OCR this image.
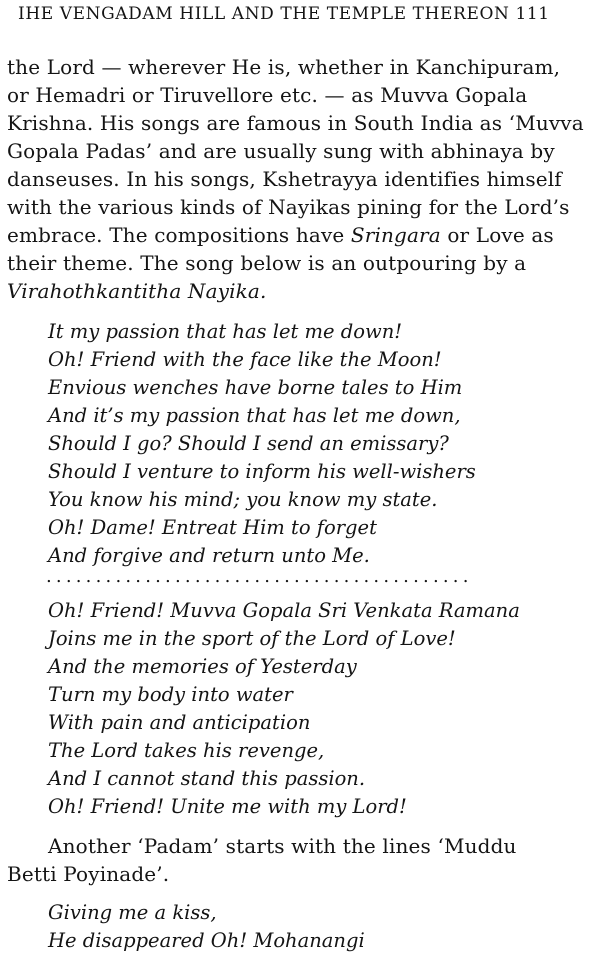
IHE VENGADAM HILL AND THE TEMPLE THEREON 111
the Lord — wherever He is, whether in Kanchipuram,
or Hemadri or Tiruvellore etc. — as Muvva Gopala
Krishna. His songs are famous in South India as ‘Muvva
Gopala Padas’ and are usually sung with abhinaya by
danseuses. In his songs, Kshetrayya identifies himself
with the various kinds of Nayikas pining for the Lord’s
embrace. The compositions have Sringara or Love as
their theme. The song below is an outpouring by a
Virahothkantitha Nayika.
It my passion that has let me down!
Oh! Friend with the face like the Moon!
Envious wenches have borne tales to Him
And it’s my passion that has let me down,
Should I go? Should I send an emissary?
Should I venture to inform his well-wishers
You know his mind; you know my state.
Oh! Dame! Entreat Him to forget
And forgive and return unto Me.
...........................................
Oh! Friend! Muvva Gopala Sri Venkata Ramana
Joins me in the sport of the Lord of Love!
And the memories of Yesterday
Turn my body into water
With pain and anticipation
The Lord takes his revenge,
And I cannot stand this passion.
Oh! Friend! Unite me with my Lord!
Another ‘Padam’ starts with the lines ‘Muddu
Betti Poyinade’.
Giving me a kiss,
He disappeared Oh! Mohanangi
